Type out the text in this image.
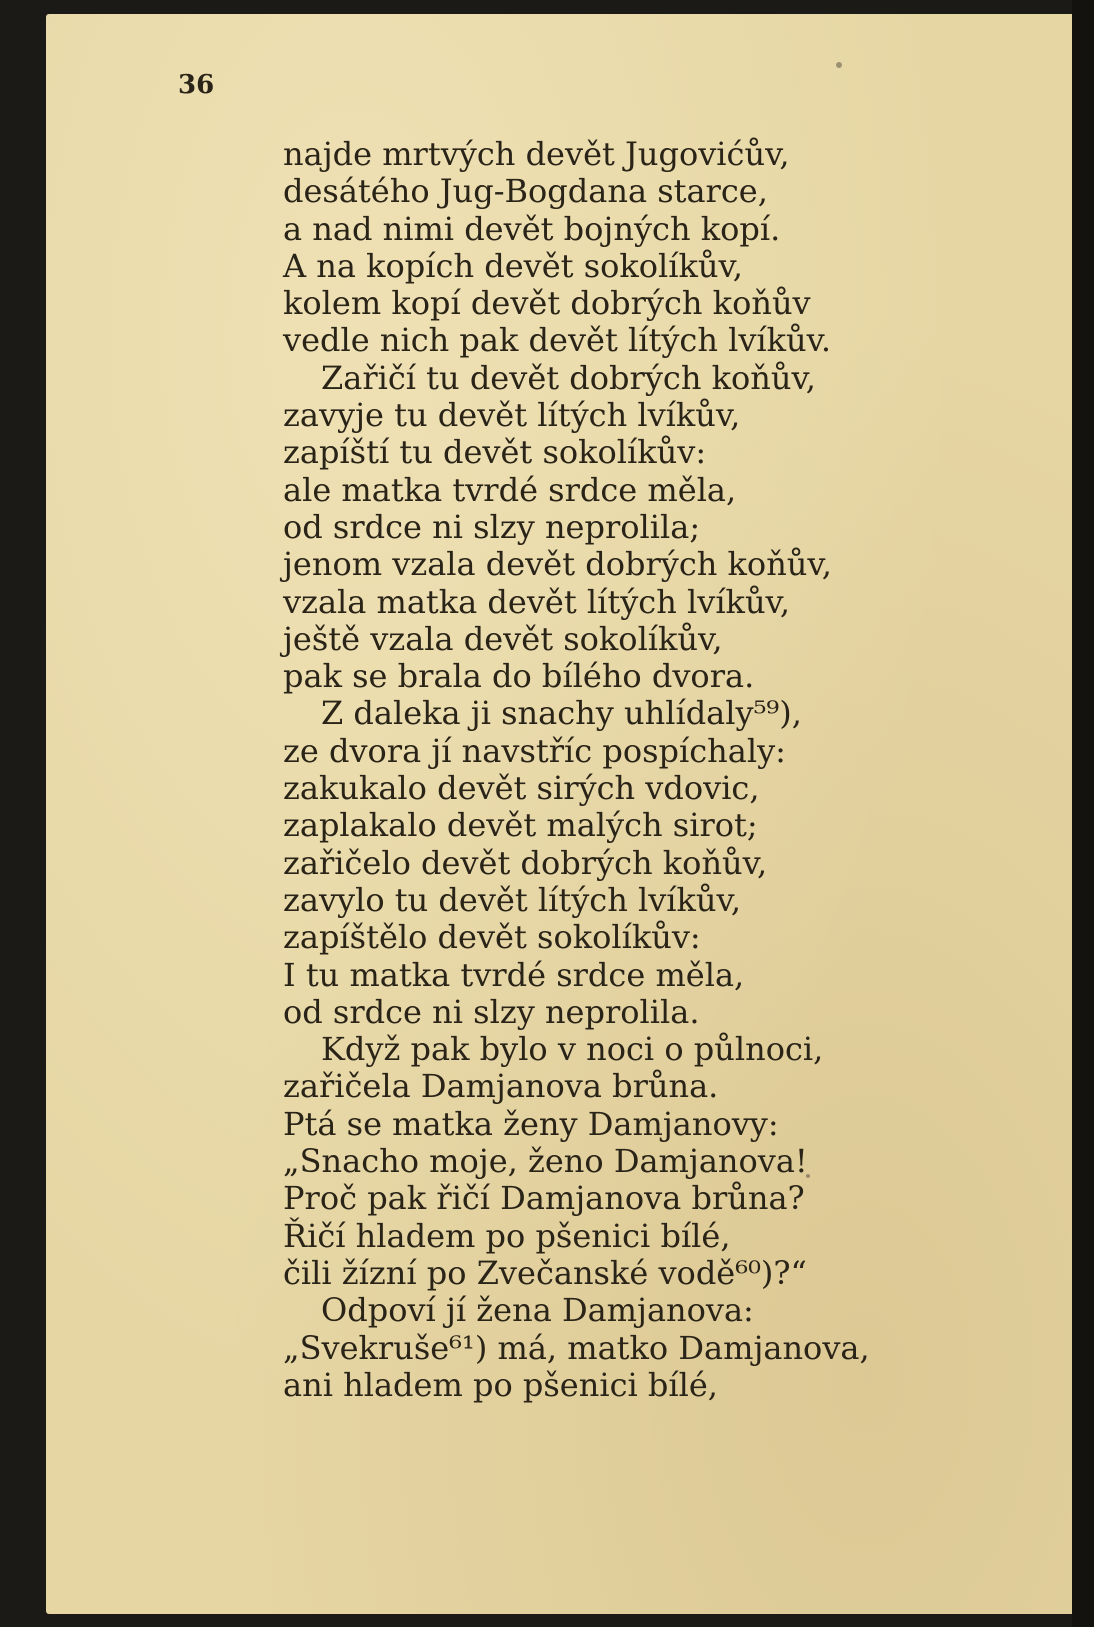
36

najde mrtvých devět Jugovićův,
desátého Jug-Bogdana starce,
a nad nimi devět bojných kopí.
A na kopích devět sokolíkův,
kolem kopí devět dobrých koňův
vedle nich pak devět lítých lvíkův.
Zařičí tu devět dobrých koňův,
zavyje tu devět lítých lvíkův,
zapíští tu devět sokolíkův:
ale matka tvrdé srdce měla,
od srdce ni slzy neprolila;
jenom vzala devět dobrých koňův,
vzala matka devět lítých lvíkův,
ještě vzala devět sokolíkův,
pak se brala do bílého dvora.
Z daleka ji snachy uhlídaly⁵⁹),
ze dvora jí navstříc pospíchaly:
zakukalo devět sirých vdovic,
zaplakalo devět malých sirot;
zařičelo devět dobrých koňův,
zavylo tu devět lítých lvíkův,
zapíštělo devět sokolíkův:
I tu matka tvrdé srdce měla,
od srdce ni slzy neprolila.
Když pak bylo v noci o půlnoci,
zařičela Damjanova brůna.
Ptá se matka ženy Damjanovy:
„Snacho moje, ženo Damjanova!
Proč pak řičí Damjanova brůna?
Řičí hladem po pšenici bílé,
čili žízní po Zvečanské vodě⁶⁰)?“
Odpoví jí žena Damjanova:
„Svekruše⁶¹) má, matko Damjanova,
ani hladem po pšenici bílé,
